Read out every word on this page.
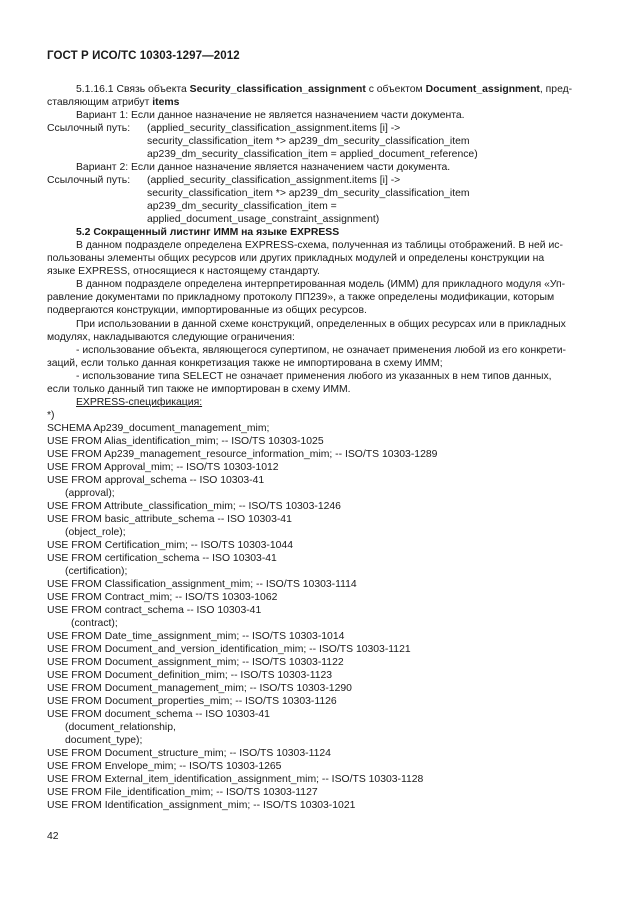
ГОСТ Р ИСО/ТС 10303-1297—2012
5.1.16.1 Связь объекта Security_classification_assignment с объектом Document_assignment, пред-
ставляющим атрибут items
Вариант 1: Если данное назначение не является назначением части документа.
Ссылочный путь: (applied_security_classification_assignment.items [i] ->
security_classification_item *> ap239_dm_security_classification_item
ap239_dm_security_classification_item = applied_document_reference)
Вариант 2: Если данное назначение является назначением части документа.
Ссылочный путь: (applied_security_classification_assignment.items [i] ->
security_classification_item *> ap239_dm_security_classification_item
ap239_dm_security_classification_item =
applied_document_usage_constraint_assignment)
5.2 Сокращенный листинг ИММ на языке EXPRESS
В данном подразделе определена EXPRESS-схема, полученная из таблицы отображений. В ней ис-
пользованы элементы общих ресурсов или других прикладных модулей и определены конструкции на
языке EXPRESS, относящиеся к настоящему стандарту.
В данном подразделе определена интерпретированная модель (ИММ) для прикладного модуля «Уп-
равление документами по прикладному протоколу ПП239», а также определены модификации, которым
подвергаются конструкции, импортированные из общих ресурсов.
При использовании в данной схеме конструкций, определенных в общих ресурсах или в прикладных
модулях, накладываются следующие ограничения:
- использование объекта, являющегося супертипом, не означает применения любой из его конкрети-
заций, если только данная конкретизация также не импортирована в схему ИММ;
- использование типа SELECT не означает применения любого из указанных в нем типов данных,
если только данный тип также не импортирован в схему ИММ.
EXPRESS-спецификация:
*)
SCHEMA Ap239_document_management_mim;
USE FROM Alias_identification_mim; -- ISO/TS 10303-1025
USE FROM Ap239_management_resource_information_mim; -- ISO/TS 10303-1289
USE FROM Approval_mim; -- ISO/TS 10303-1012
USE FROM approval_schema -- ISO 10303-41
(approval);
USE FROM Attribute_classification_mim; -- ISO/TS 10303-1246
USE FROM basic_attribute_schema -- ISO 10303-41
(object_role);
USE FROM Certification_mim; -- ISO/TS 10303-1044
USE FROM certification_schema -- ISO 10303-41
(certification);
USE FROM Classification_assignment_mim; -- ISO/TS 10303-1114
USE FROM Contract_mim; -- ISO/TS 10303-1062
USE FROM contract_schema -- ISO 10303-41
(contract);
USE FROM Date_time_assignment_mim; -- ISO/TS 10303-1014
USE FROM Document_and_version_identification_mim; -- ISO/TS 10303-1121
USE FROM Document_assignment_mim; -- ISO/TS 10303-1122
USE FROM Document_definition_mim; -- ISO/TS 10303-1123
USE FROM Document_management_mim; -- ISO/TS 10303-1290
USE FROM Document_properties_mim; -- ISO/TS 10303-1126
USE FROM document_schema -- ISO 10303-41
(document_relationship,
document_type);
USE FROM Document_structure_mim; -- ISO/TS 10303-1124
USE FROM Envelope_mim; -- ISO/TS 10303-1265
USE FROM External_item_identification_assignment_mim; -- ISO/TS 10303-1128
USE FROM File_identification_mim; -- ISO/TS 10303-1127
USE FROM Identification_assignment_mim; -- ISO/TS 10303-1021
42
